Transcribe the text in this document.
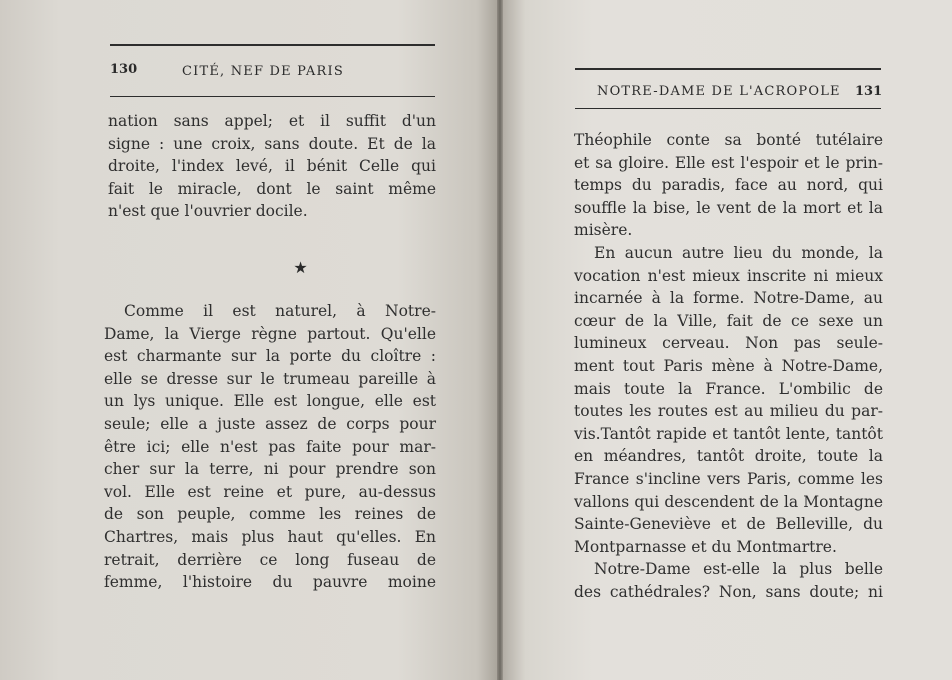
130	CITÉ, NEF DE PARIS

nation sans appel; et il suffit d'un
signe : une croix, sans doute. Et de la
droite, l'index levé, il bénit Celle qui
fait le miracle, dont le saint même
n'est que l'ouvrier docile.

★

Comme il est naturel, à Notre-
Dame, la Vierge règne partout. Qu'elle
est charmante sur la porte du cloître :
elle se dresse sur le trumeau pareille à
un lys unique. Elle est longue, elle est
seule; elle a juste assez de corps pour
être ici; elle n'est pas faite pour mar-
cher sur la terre, ni pour prendre son
vol. Elle est reine et pure, au-dessus
de son peuple, comme les reines de
Chartres, mais plus haut qu'elles. En
retrait, derrière ce long fuseau de
femme, l'histoire du pauvre moine

NOTRE-DAME DE L'ACROPOLE 131

Théophile conte sa bonté tutélaire
et sa gloire. Elle est l'espoir et le prin-
temps du paradis, face au nord, qui
souffle la bise, le vent de la mort et la
misère.

En aucun autre lieu du monde, la
vocation n'est mieux inscrite ni mieux
incarnée à la forme. Notre-Dame, au
cœur de la Ville, fait de ce sexe un
lumineux cerveau. Non pas seule-
ment tout Paris mène à Notre-Dame,
mais toute la France. L'ombilic de
toutes les routes est au milieu du par-
vis.Tantôt rapide et tantôt lente, tantôt
en méandres, tantôt droite, toute la
France s'incline vers Paris, comme les
vallons qui descendent de la Montagne
Sainte-Geneviève et de Belleville, du
Montparnasse et du Montmartre.

Notre-Dame est-elle la plus belle
des cathédrales? Non, sans doute; ni
